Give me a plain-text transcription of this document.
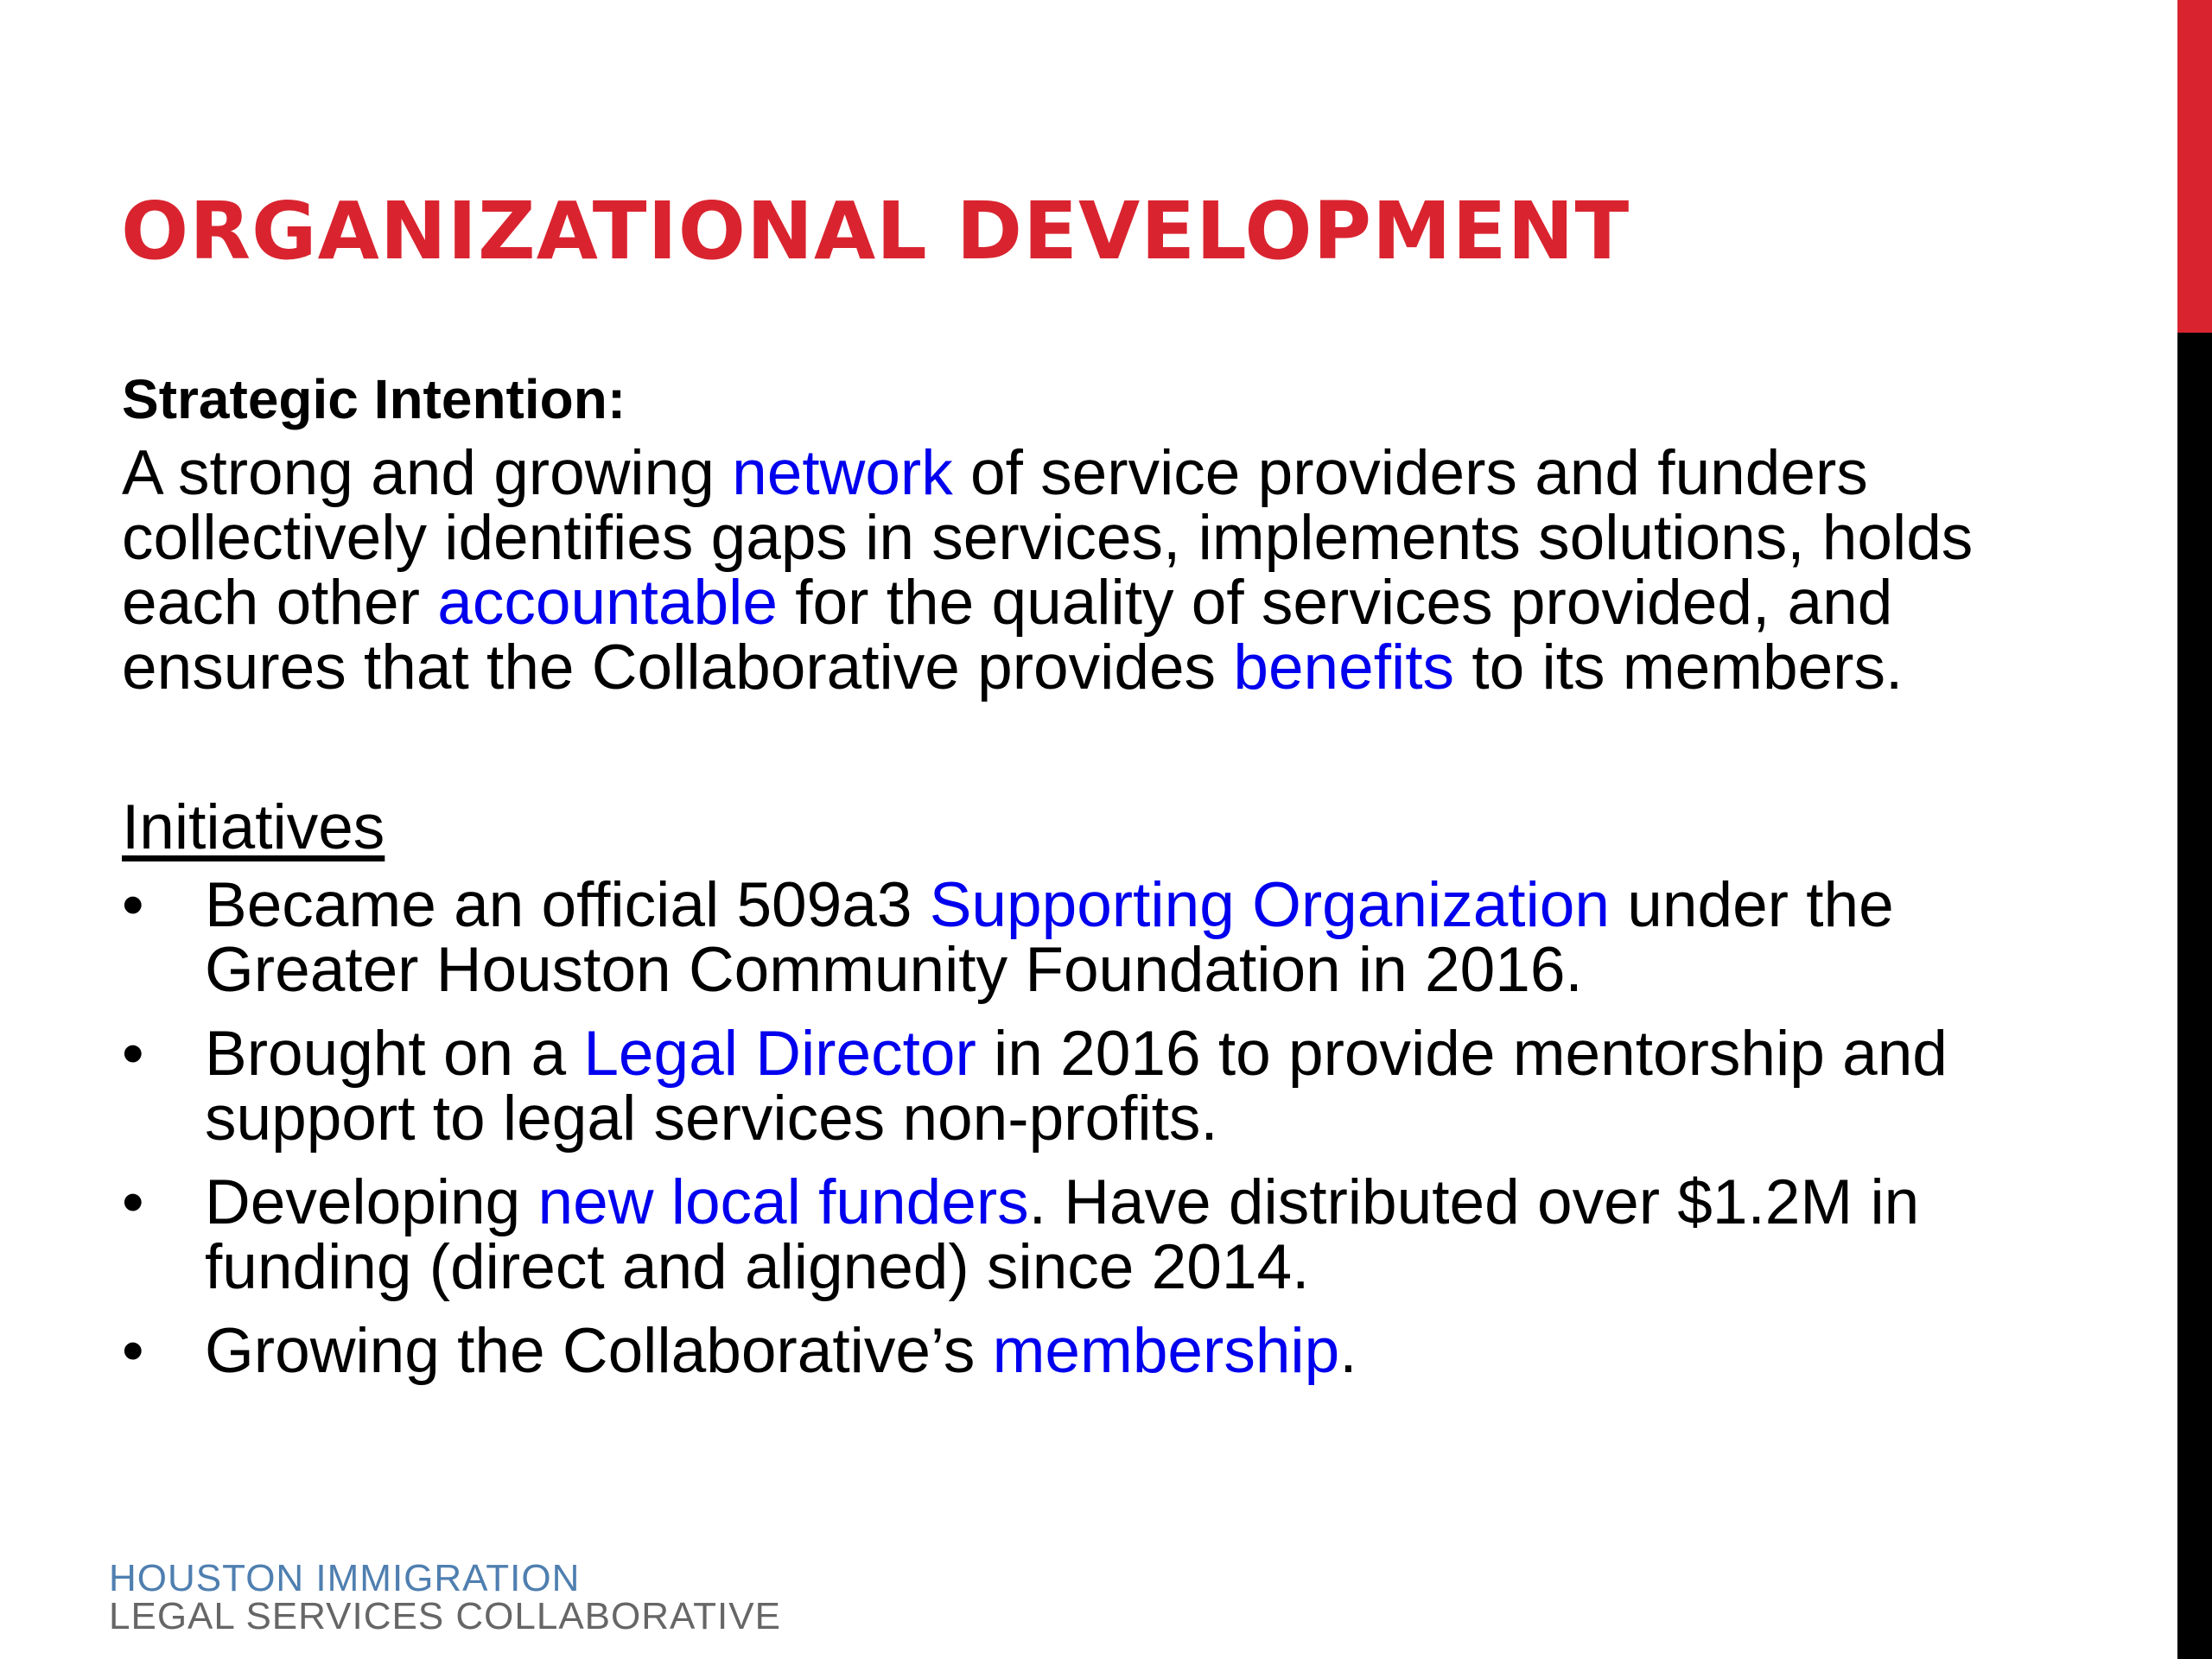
ORGANIZATIONAL DEVELOPMENT
Strategic Intention:
A strong and growing network of service providers and funders collectively identifies gaps in services, implements solutions, holds each other accountable for the quality of services provided, and ensures that the Collaborative provides benefits to its members.
Initiatives
• Became an official 509a3 Supporting Organization under the Greater Houston Community Foundation in 2016.
• Brought on a Legal Director in 2016 to provide mentorship and support to legal services non-profits.
• Developing new local funders. Have distributed over $1.2M in funding (direct and aligned) since 2014.
• Growing the Collaborative’s membership.
HOUSTON IMMIGRATION
LEGAL SERVICES COLLABORATIVE
